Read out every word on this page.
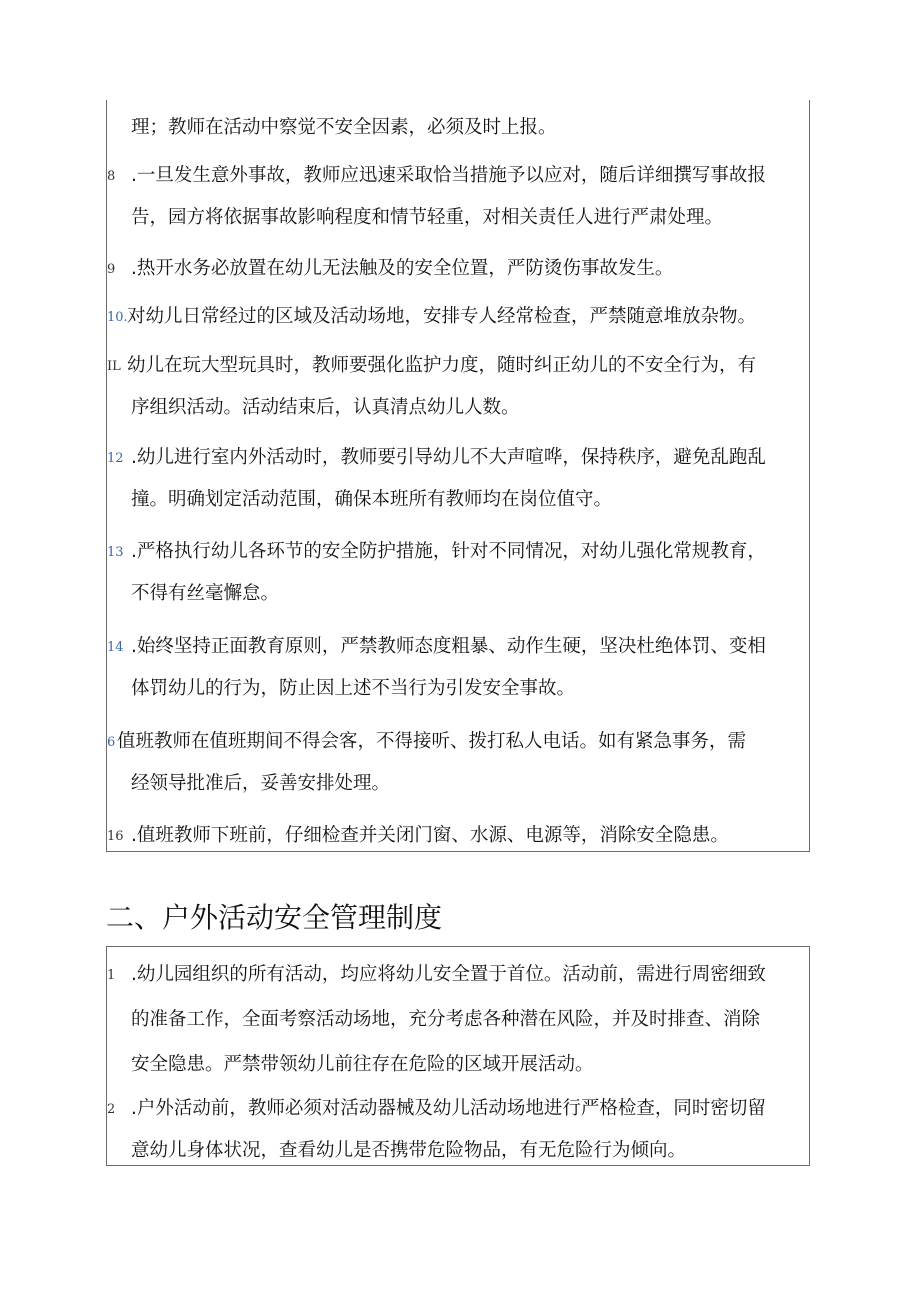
理；教师在活动中察觉不安全因素，必须及时上报。
8 .一旦发生意外事故，教师应迅速采取恰当措施予以应对，随后详细撰写事故报
告，园方将依据事故影响程度和情节轻重，对相关责任人进行严肃处理。
9 .热开水务必放置在幼儿无法触及的安全位置，严防烫伤事故发生。
10. 对幼儿日常经过的区域及活动场地，安排专人经常检查，严禁随意堆放杂物。
IL 幼儿在玩大型玩具时，教师要强化监护力度，随时纠正幼儿的不安全行为，有
序组织活动。活动结束后，认真清点幼儿人数。
12 .幼儿进行室内外活动时，教师要引导幼儿不大声喧哗，保持秩序，避免乱跑乱
撞。明确划定活动范围，确保本班所有教师均在岗位值守。
13 .严格执行幼儿各环节的安全防护措施，针对不同情况，对幼儿强化常规教育，
不得有丝毫懈怠。
14 .始终坚持正面教育原则，严禁教师态度粗暴、动作生硬，坚决杜绝体罚、变相
体罚幼儿的行为，防止因上述不当行为引发安全事故。
6 值班教师在值班期间不得会客，不得接听、拨打私人电话。如有紧急事务，需
经领导批准后，妥善安排处理。
16 .值班教师下班前，仔细检查并关闭门窗、水源、电源等，消除安全隐患。
二、户外活动安全管理制度
1 .幼儿园组织的所有活动，均应将幼儿安全置于首位。活动前，需进行周密细致
的准备工作，全面考察活动场地，充分考虑各种潜在风险，并及时排查、消除
安全隐患。严禁带领幼儿前往存在危险的区域开展活动。
2 .户外活动前，教师必须对活动器械及幼儿活动场地进行严格检查，同时密切留
意幼儿身体状况，查看幼儿是否携带危险物品，有无危险行为倾向。
